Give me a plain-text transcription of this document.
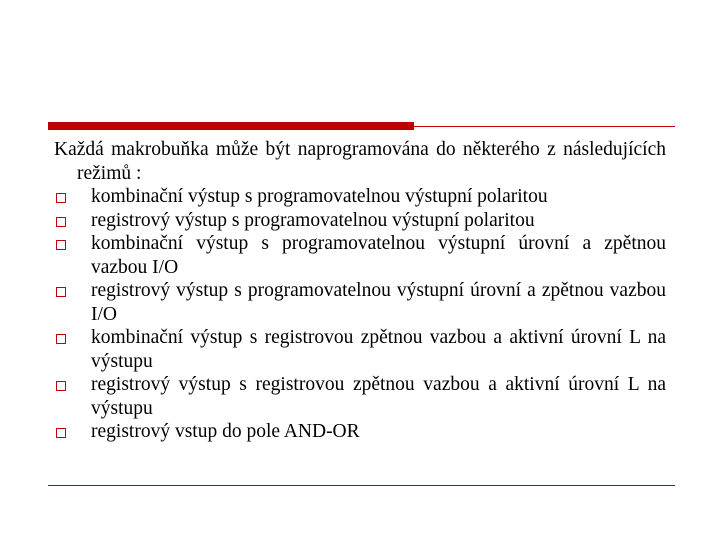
Každá makrobuňka může být naprogramována do některého z následujících režimů :

kombinační výstup s programovatelnou výstupní polaritou
registrový výstup s programovatelnou výstupní polaritou
kombinační výstup s programovatelnou výstupní úrovní a zpětnou vazbou I/O
registrový výstup s programovatelnou výstupní úrovní a zpětnou vazbou I/O
kombinační výstup s registrovou zpětnou vazbou a aktivní úrovní L na výstupu
registrový výstup s registrovou zpětnou vazbou a aktivní úrovní L na výstupu
registrový vstup do pole AND-OR
